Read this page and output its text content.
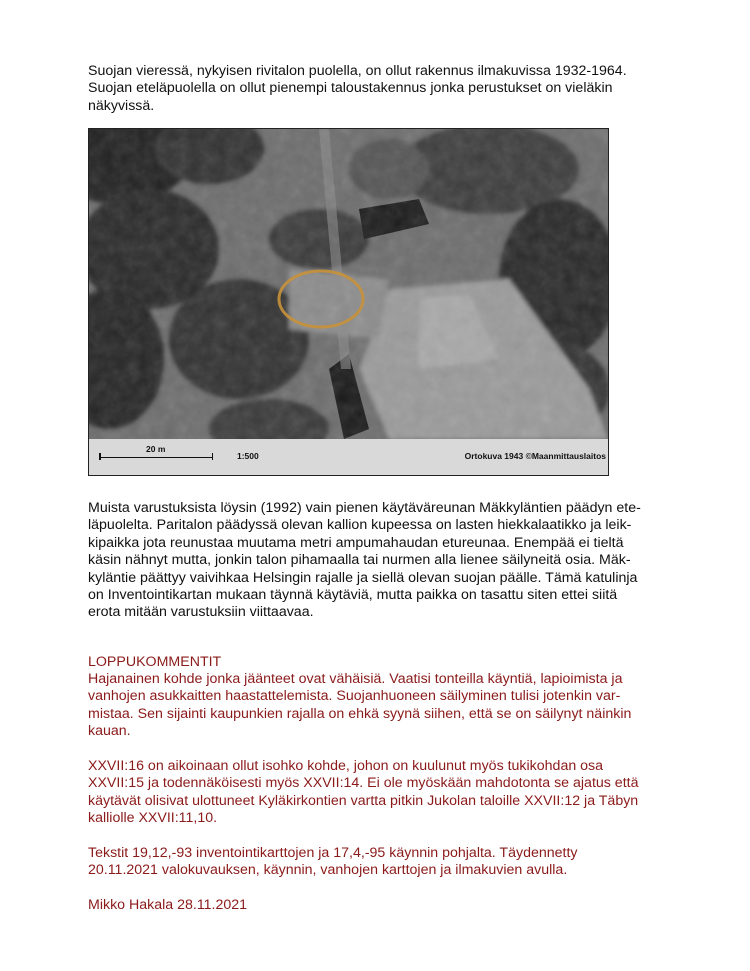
Suojan vieressä, nykyisen rivitalon puolella, on ollut rakennus ilmakuvissa 1932-1964.
Suojan eteläpuolella on ollut pienempi taloustakennus jonka perustukset on vieläkin
näkyvissä.

20 m
1:500	Ortokuva 1943 ©Maanmittauslaitos

Muista varustuksista löysin (1992) vain pienen käytäväreunan Mäkkyläntien päädyn ete-
läpuolelta. Paritalon päädyssä olevan kallion kupeessa on lasten hiekkalaatikko ja leik-
kipaikka jota reunustaa muutama metri ampumahaudan etureunaa. Enempää ei tieltä
käsin nähnyt mutta, jonkin talon pihamaalla tai nurmen alla lienee säilyneitä osia. Mäk-
kyläntie päättyy vaivihkaa Helsingin rajalle ja siellä olevan suojan päälle. Tämä katulinja
on Inventointikartan mukaan täynnä käytäviä, mutta paikka on tasattu siten ettei siitä
erota mitään varustuksiin viittaavaa.

LOPPUKOMMENTIT

Hajanainen kohde jonka jäänteet ovat vähäisiä. Vaatisi tonteilla käyntiä, lapioimista ja
vanhojen asukkaitten haastattelemista. Suojanhuoneen säilyminen tulisi jotenkin var-
mistaa. Sen sijainti kaupunkien rajalla on ehkä syynä siihen, että se on säilynyt näinkin
kauan.

XXVII:16 on aikoinaan ollut isohko kohde, johon on kuulunut myös tukikohdan osa
XXVII:15 ja todennäköisesti myös XXVII:14. Ei ole myöskään mahdotonta se ajatus että
käytävät olisivat ulottuneet Kyläkirkontien vartta pitkin Jukolan taloille XXVII:12 ja Täbyn
kalliolle XXVII:11,10.

Tekstit 19,12,-93 inventointikarttojen ja 17,4,-95 käynnin pohjalta. Täydennetty
20.11.2021 valokuvauksen, käynnin, vanhojen karttojen ja ilmakuvien avulla.

Mikko Hakala 28.11.2021
